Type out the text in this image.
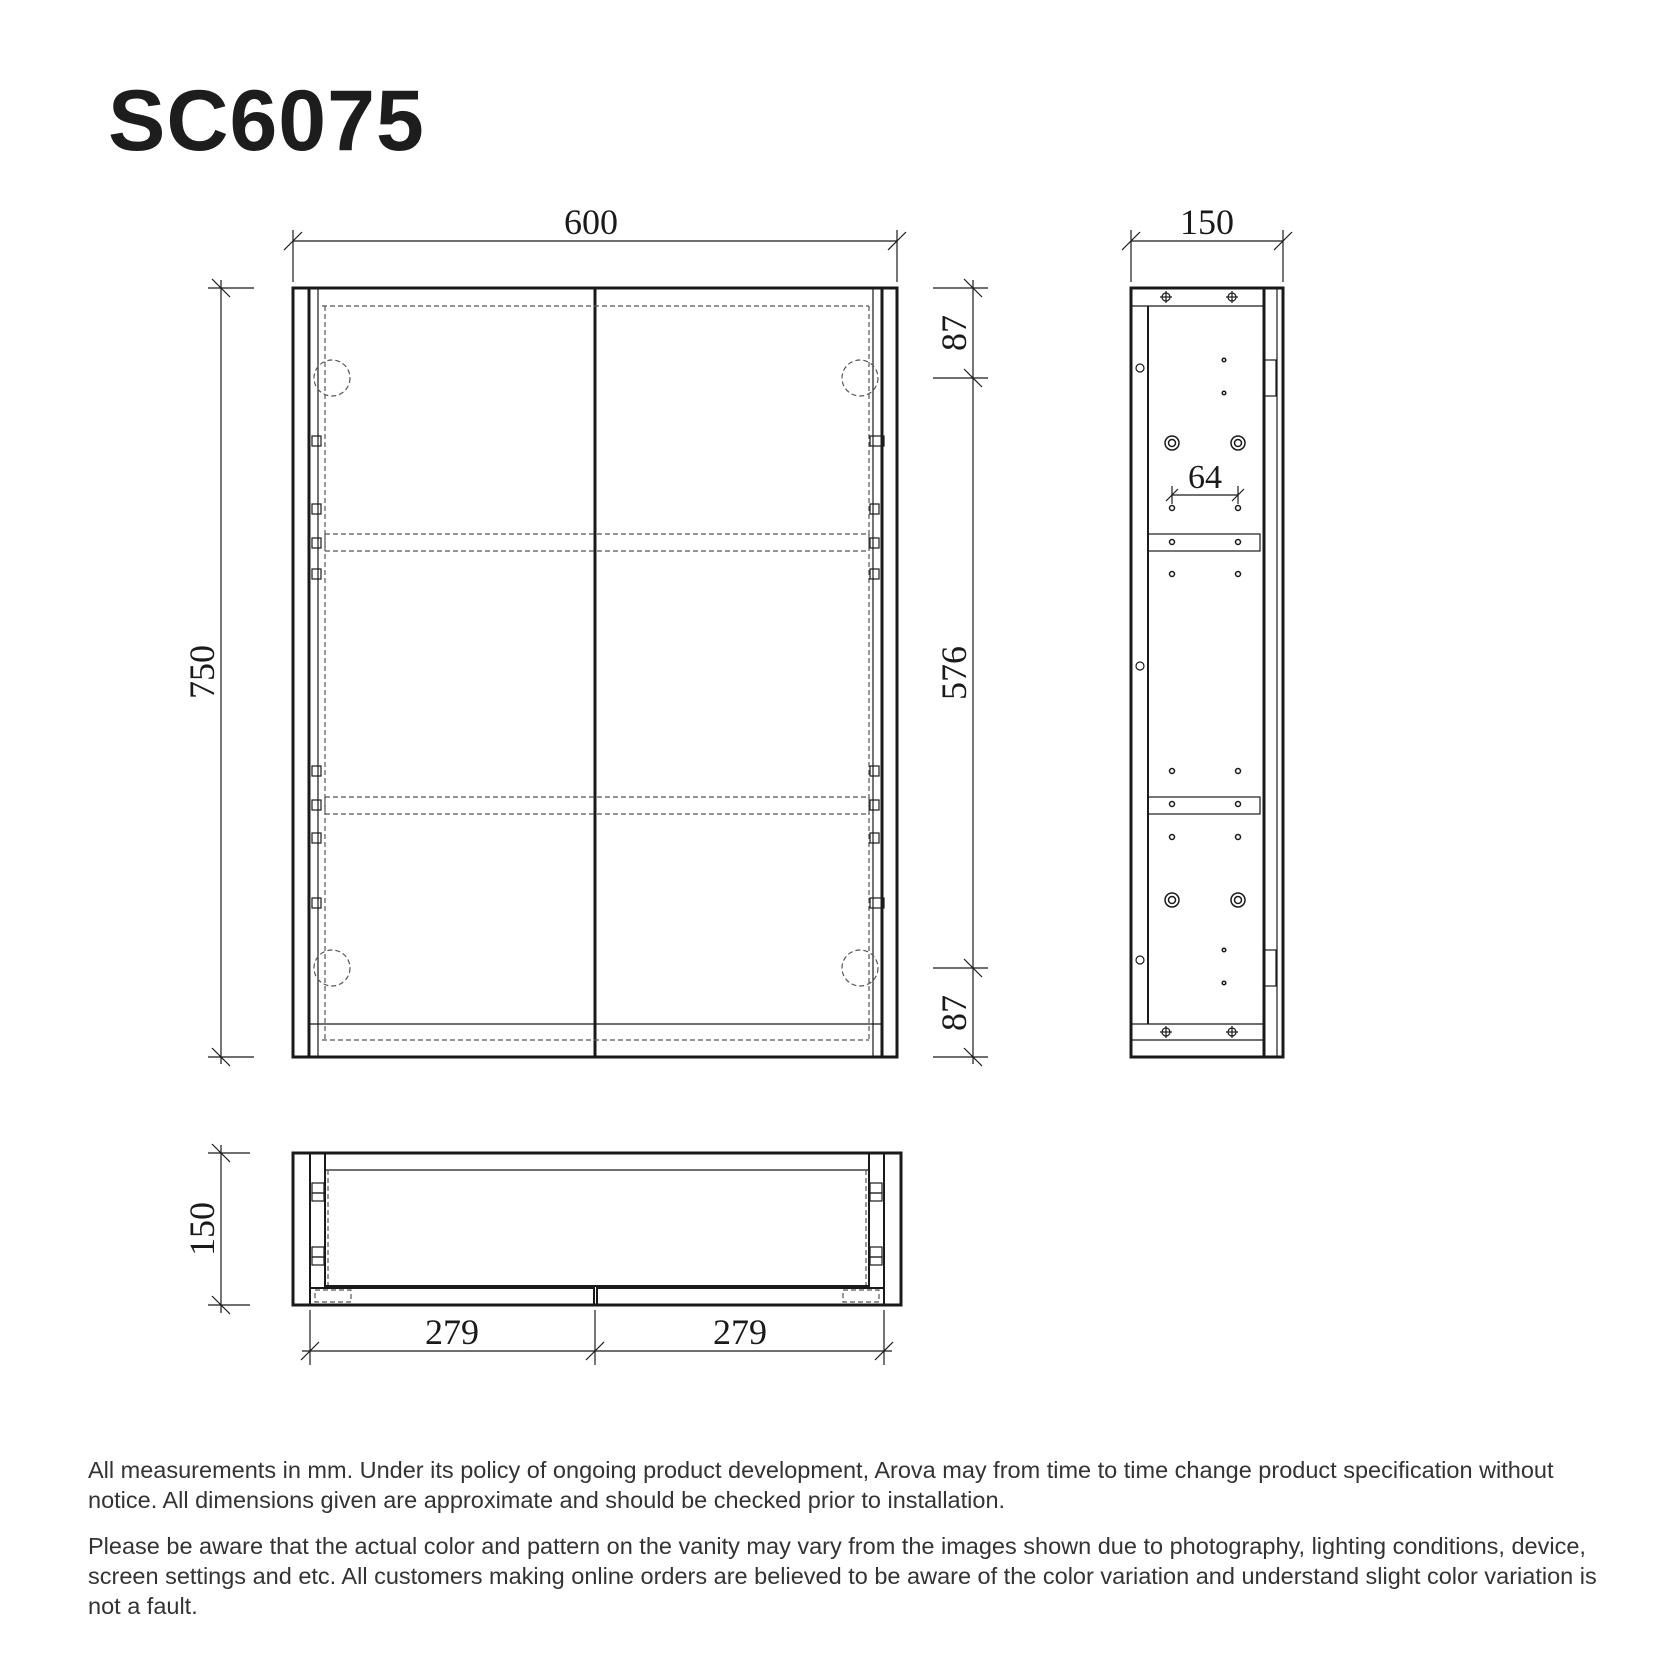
SC6075
600
750
87
576
87
64
150
150
279	279

All measurements in mm. Under its policy of ongoing product development, Arova may from time to time change product specification without notice. All dimensions given are approximate and should be checked prior to installation.

Please be aware that the actual color and pattern on the vanity may vary from the images shown due to photography, lighting conditions, device, screen settings and etc. All customers making online orders are believed to be aware of the color variation and understand slight color variation is not a fault.
